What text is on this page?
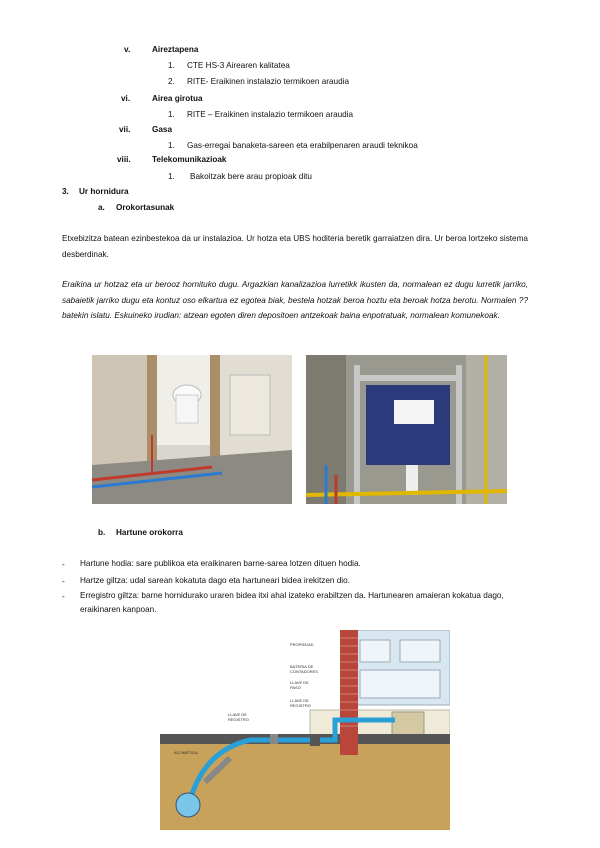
v.	Aireztapena
1. CTE HS-3 Airearen kalitatea
2. RITE- Eraikinen instalazio termikoen araudia
vi.	Airea girotua
1. RITE – Eraikinen instalazio termikoen araudia
vii.	Gasa
1. Gas-erregai banaketa-sareen eta erabilpenaren araudi teknikoa
viii.	Telekomunikazioak
1. Bakoitzak bere arau propioak ditu
3. Ur hornidura
a. Orokortasunak
Etxebizitza batean ezinbestekoa da ur instalazioa. Ur hotza eta UBS hoditeria beretik garraiatzen dira. Ur beroa lortzeko sistema desberdinak.
Eraikina ur hotzaz eta ur berooz hornituko dugu. Argazkian kanalizazioa lurretikk ikusten da, normalean ez dugu lurretik jarriko, sabaietik jarriko dugu eta kontuz oso elkartua ez egotea biak, bestela hotzak beroa hoztu eta beroak hotza berotu. Normalen ?? batekin islatu. Eskuineko irudian: atzean egoten diren depositoen antzekoak baina enpotratuak, normalean komunekoak.
b. Hartune orokorra
- Hartune hodia: sare publikoa eta eraikinaren barne-sarea lotzen dituen hodia.
- Hartze giltza: udal sarean kokatuta dago eta hartuneari bidea irekitzen dio.
- Erregistro giltza: barne hornidurako uraren bidea itxi ahal izateko erabiltzen da. Hartunearen amaieran kokatua dago, eraikinaren kanpoan.
PROPIEDAD
BATERIA DE CONTADORES
LLAVE DE PASO
LLAVE DE REGISTRO
LLAVE DE REGISTRO
ACOMETIDA
